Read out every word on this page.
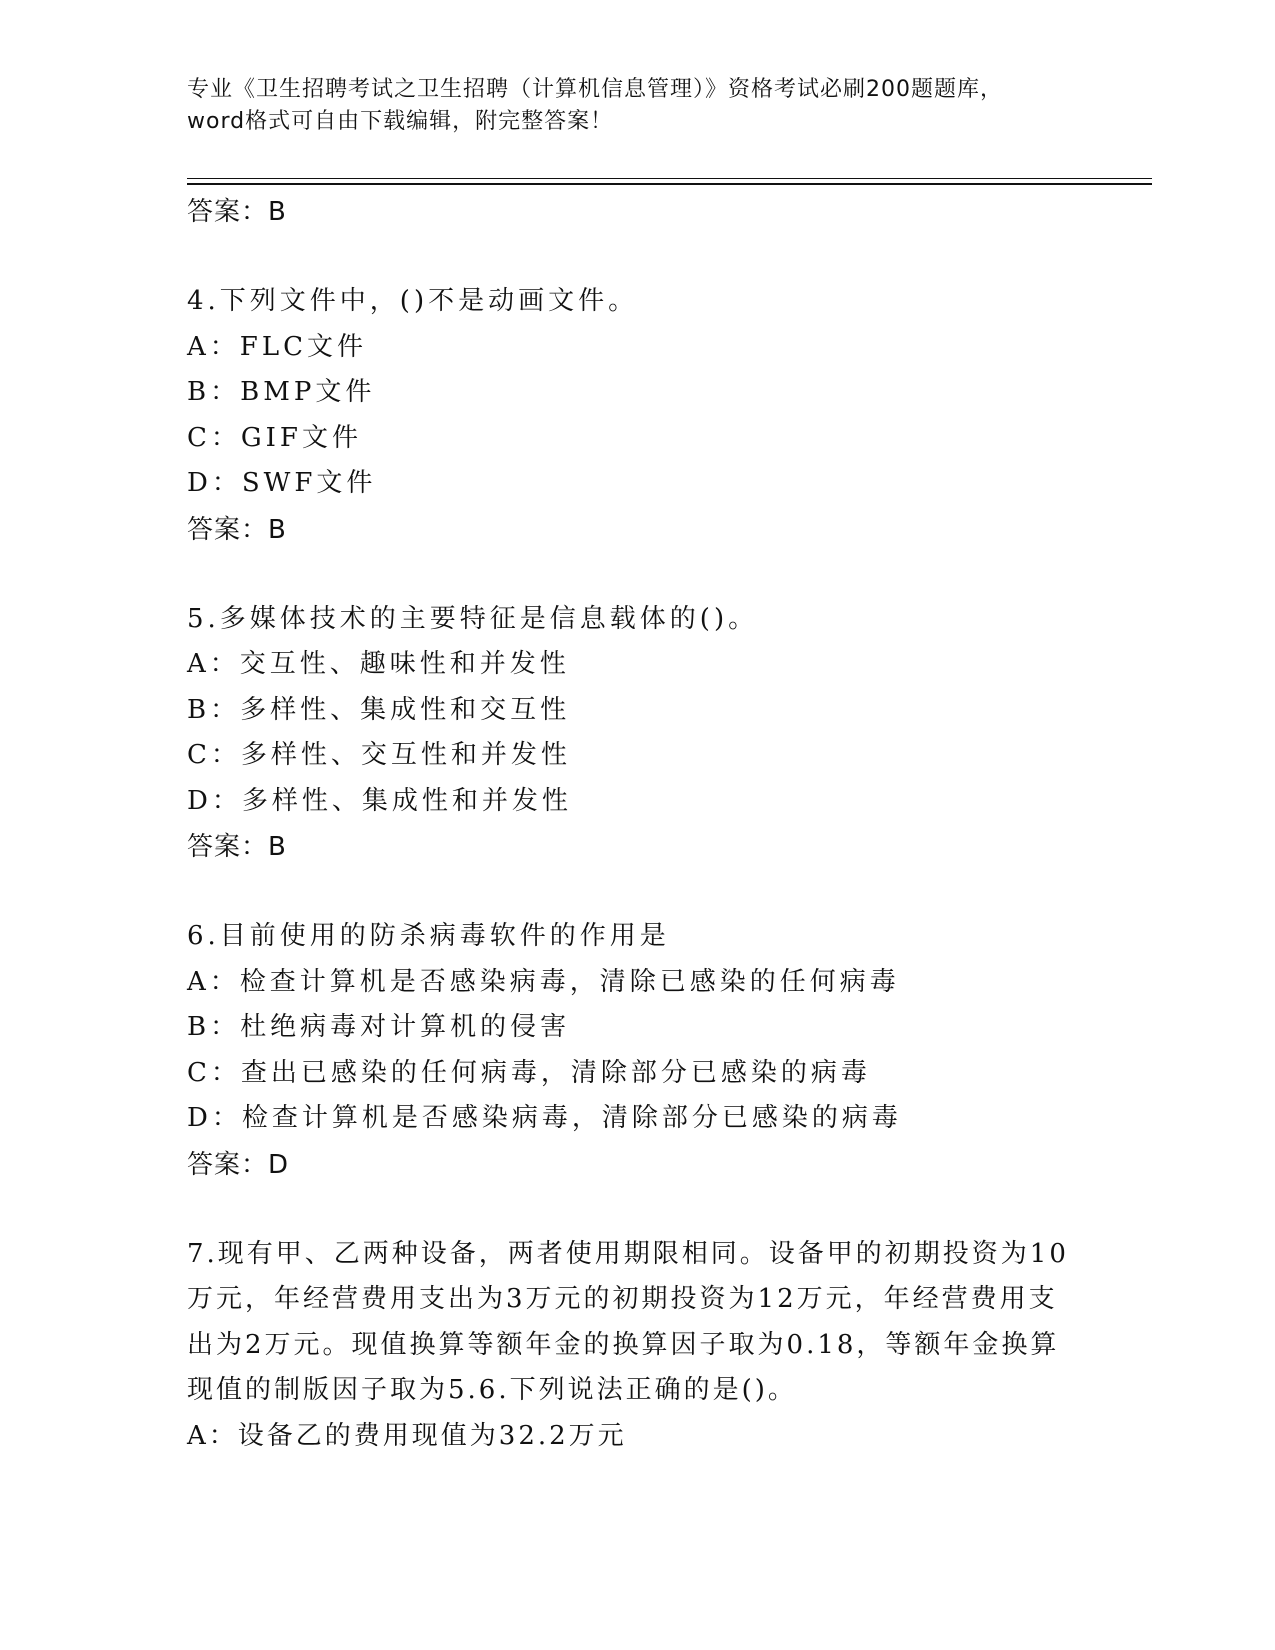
专业《卫生招聘考试之卫生招聘（计算机信息管理）》资格考试必刷200题题库，
word格式可自由下载编辑，附完整答案！
答案：B
4.下列文件中，()不是动画文件。
A：FLC文件
B：BMP文件
C：GIF文件
D：SWF文件
答案：B
5.多媒体技术的主要特征是信息载体的()。
A：交互性、趣味性和并发性
B：多样性、集成性和交互性
C：多样性、交互性和并发性
D：多样性、集成性和并发性
答案：B
6.目前使用的防杀病毒软件的作用是
A：检查计算机是否感染病毒，清除已感染的任何病毒
B：杜绝病毒对计算机的侵害
C：查出已感染的任何病毒，清除部分已感染的病毒
D：检查计算机是否感染病毒，清除部分已感染的病毒
答案：D
7.现有甲、乙两种设备，两者使用期限相同。设备甲的初期投资为10
万元，年经营费用支出为3万元的初期投资为12万元，年经营费用支
出为2万元。现值换算等额年金的换算因子取为0.18，等额年金换算
现值的制版因子取为5.6.下列说法正确的是()。
A：设备乙的费用现值为32.2万元
